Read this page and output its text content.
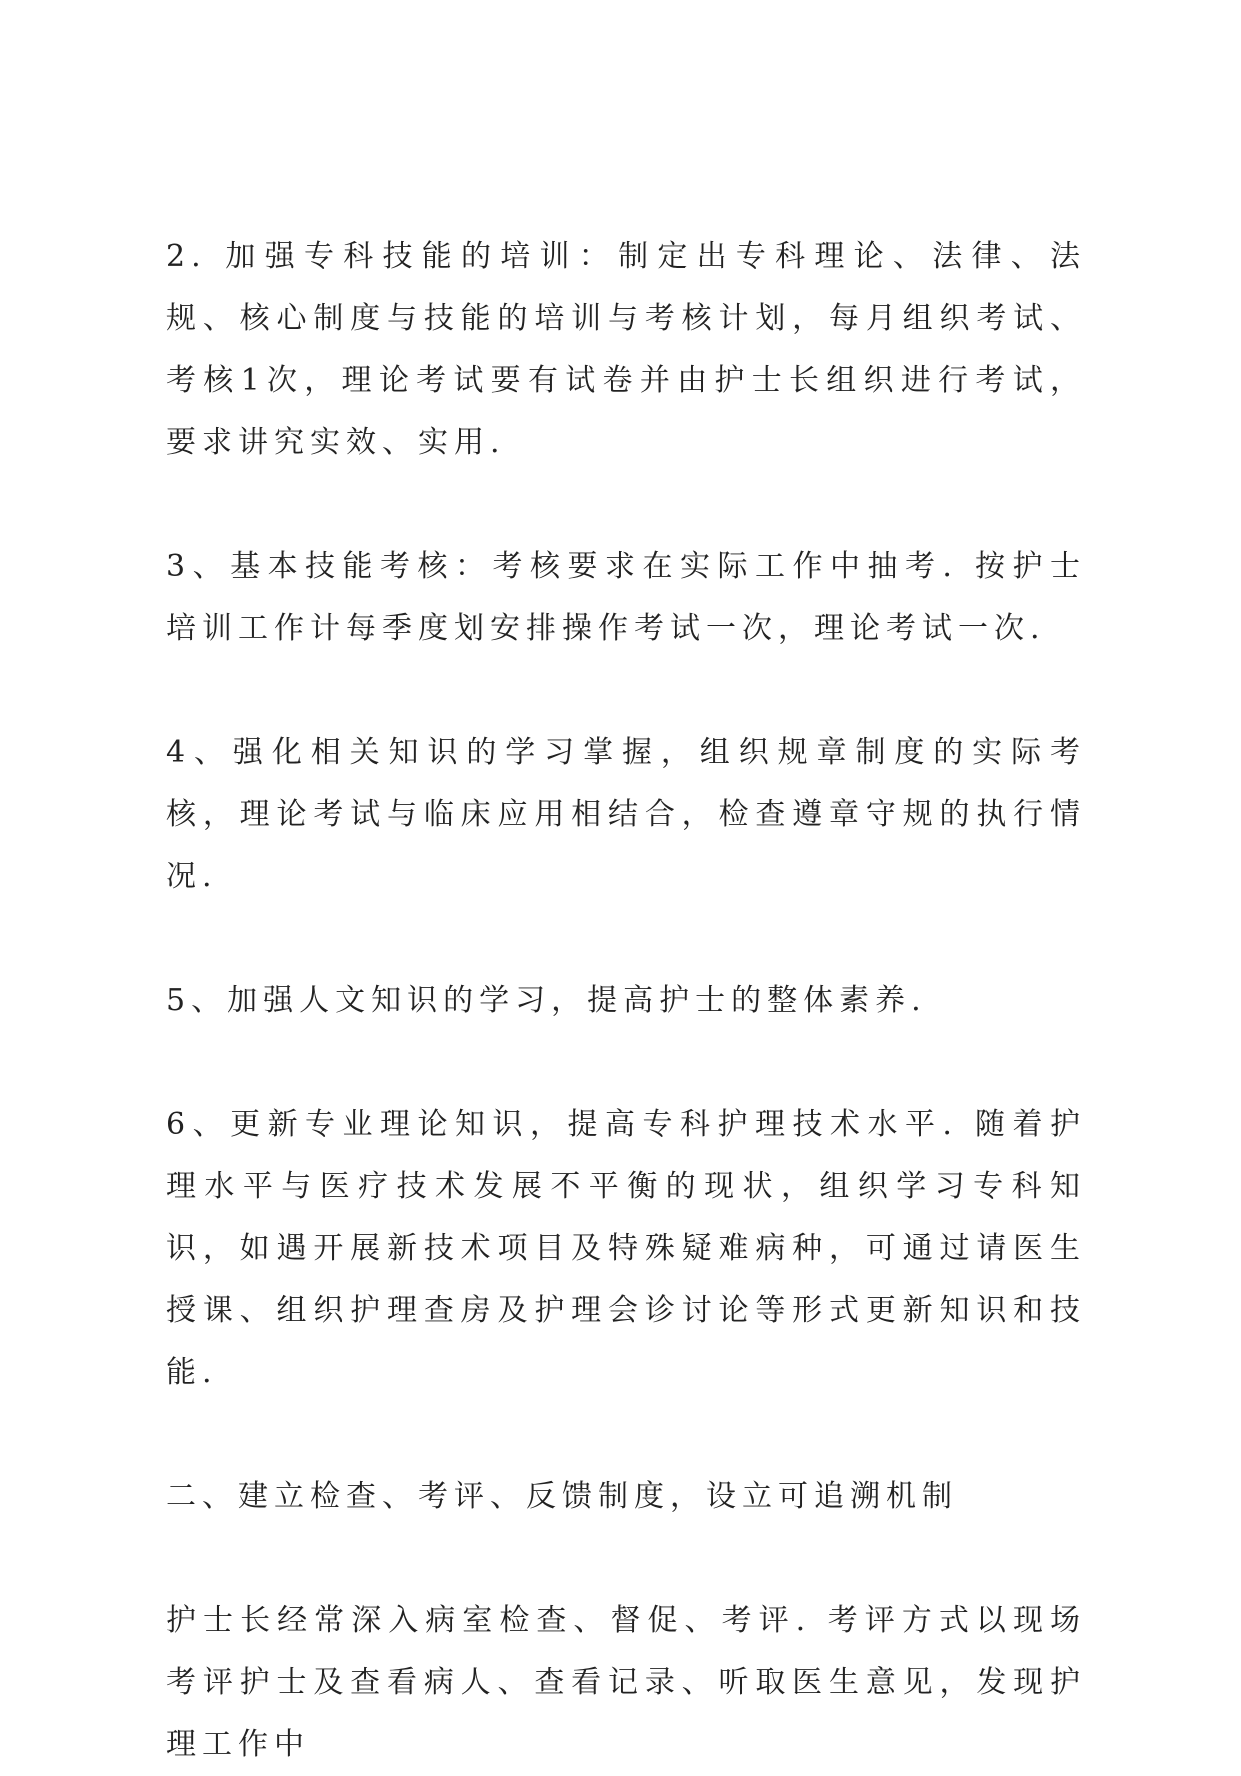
2. 加强专科技能的培训：制定出专科理论、法律、法规、核心制度与技能的培训与考核计划，每月组织考试、考核1次，理论考试要有试卷并由护士长组织进行考试，要求讲究实效、实用.

3、基本技能考核：考核要求在实际工作中抽考. 按护士培训工作计每季度划安排操作考试一次，理论考试一次.

4、强化相关知识的学习掌握，组织规章制度的实际考核，理论考试与临床应用相结合，检查遵章守规的执行情况.

5、加强人文知识的学习，提高护士的整体素养.

6、更新专业理论知识，提高专科护理技术水平. 随着护理水平与医疗技术发展不平衡的现状，组织学习专科知识，如遇开展新技术项目及特殊疑难病种，可通过请医生授课、组织护理查房及护理会诊讨论等形式更新知识和技能.

二、建立检查、考评、反馈制度，设立可追溯机制

护士长经常深入病室检查、督促、考评. 考评方式以现场考评护士及查看病人、查看记录、听取医生意见，发现护理工作中
